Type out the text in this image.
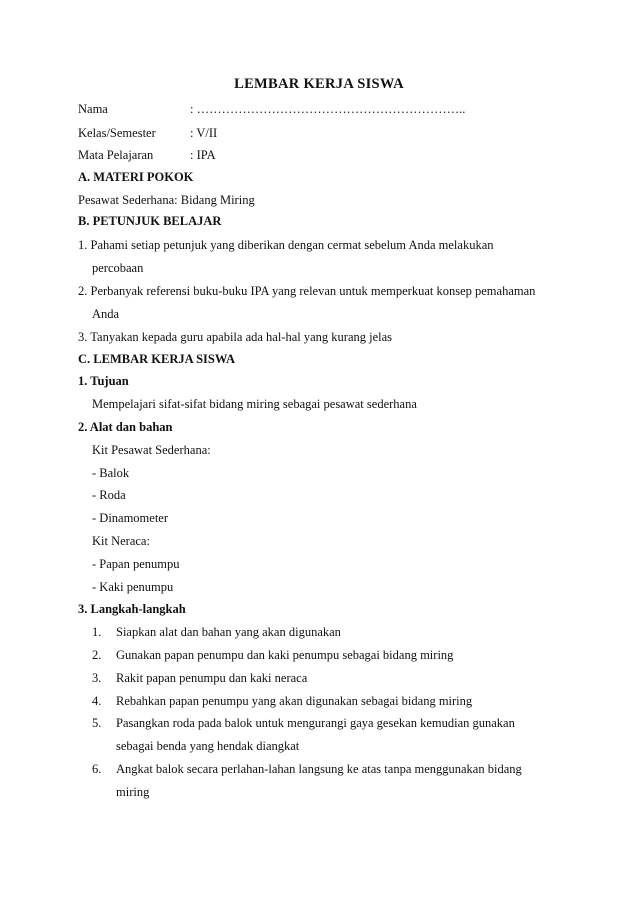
LEMBAR KERJA SISWA
Nama	: ………………………………………………………..
Kelas/Semester	: V/II
Mata Pelajaran	: IPA
A. MATERI POKOK
Pesawat Sederhana: Bidang Miring
B. PETUNJUK BELAJAR
1. Pahami setiap petunjuk yang diberikan dengan cermat sebelum Anda melakukan
percobaan
2. Perbanyak referensi buku-buku IPA yang relevan untuk memperkuat konsep pemahaman
Anda
3. Tanyakan kepada guru apabila ada hal-hal yang kurang jelas
C. LEMBAR KERJA SISWA
1. Tujuan
Mempelajari sifat-sifat bidang miring sebagai pesawat sederhana
2. Alat dan bahan
Kit Pesawat Sederhana:
- Balok
- Roda
- Dinamometer
Kit Neraca:
- Papan penumpu
- Kaki penumpu
3. Langkah-langkah
1. Siapkan alat dan bahan yang akan digunakan
2. Gunakan papan penumpu dan kaki penumpu sebagai bidang miring
3. Rakit papan penumpu dan kaki neraca
4. Rebahkan papan penumpu yang akan digunakan sebagai bidang miring
5. Pasangkan roda pada balok untuk mengurangi gaya gesekan kemudian gunakan
sebagai benda yang hendak diangkat
6. Angkat balok secara perlahan-lahan langsung ke atas tanpa menggunakan bidang
miring
